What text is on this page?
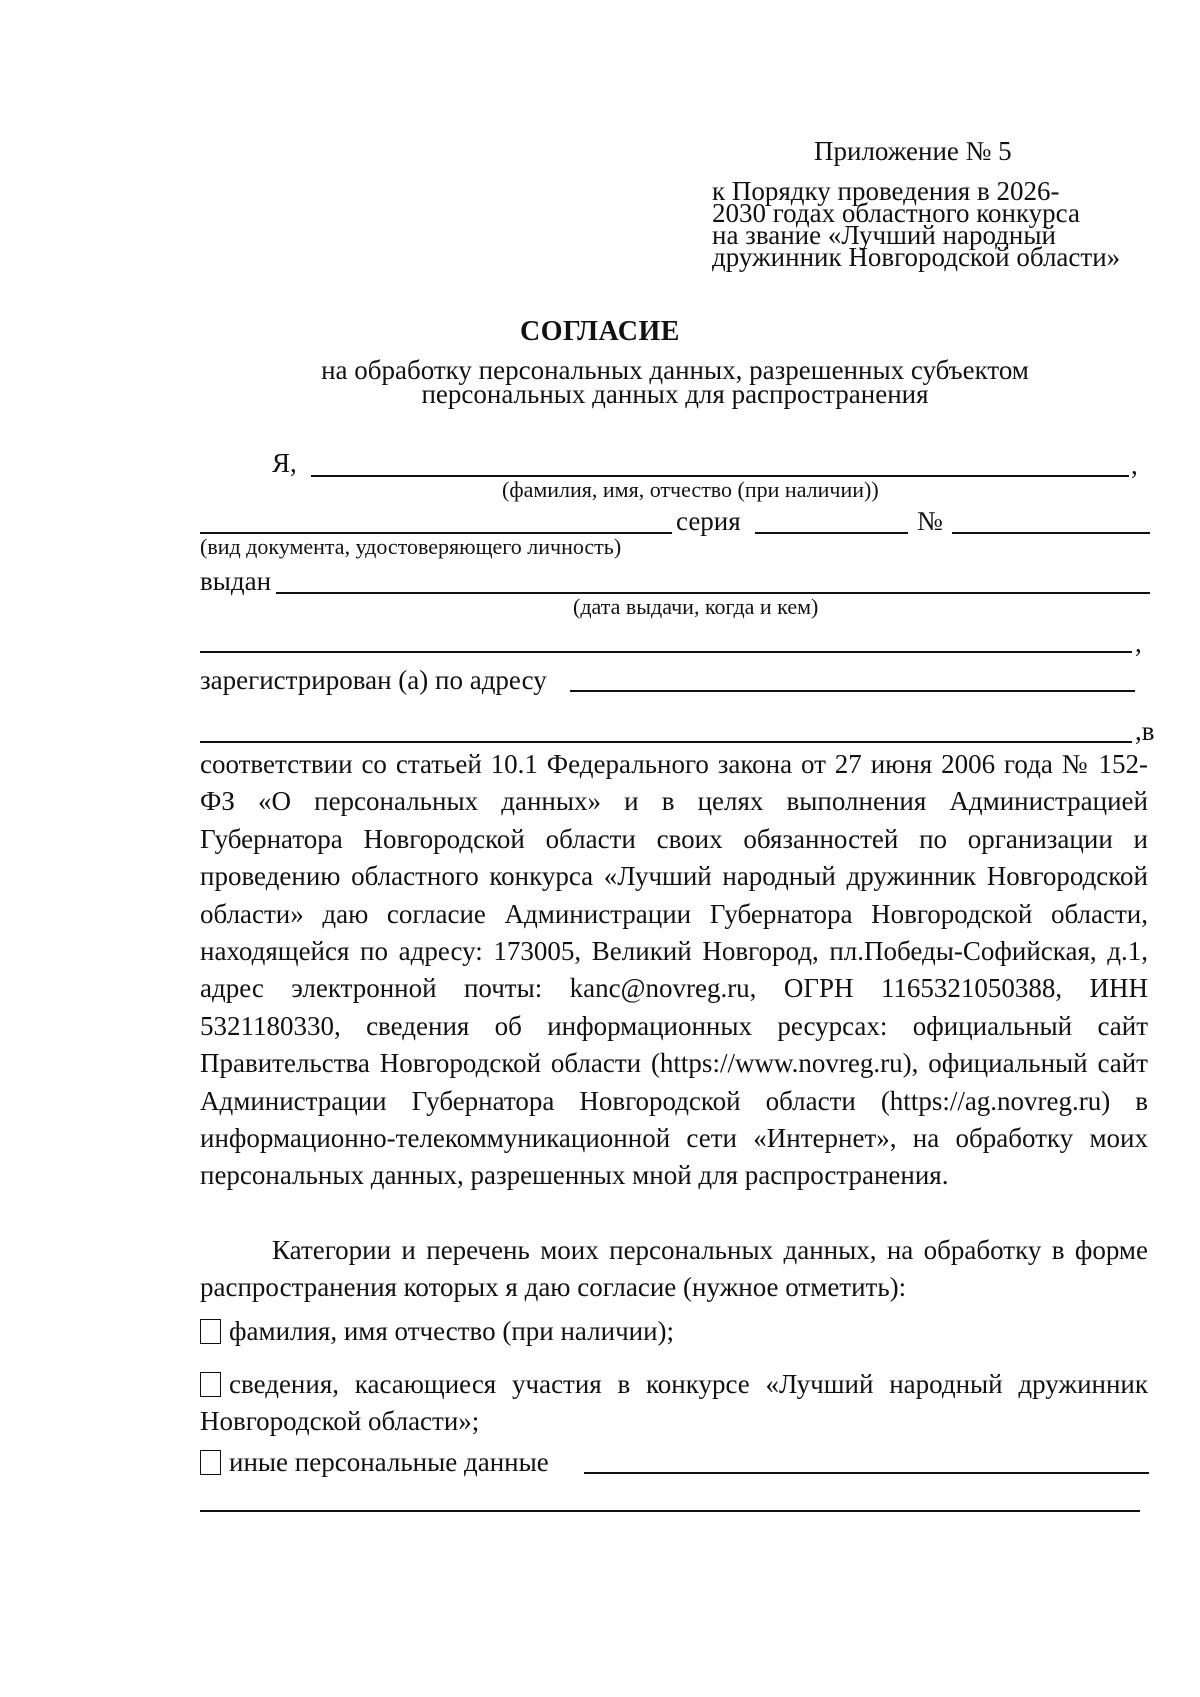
Приложение № 5
к Порядку проведения в 2026-
2030 годах областного конкурса
на звание «Лучший народный
дружинник Новгородской области»
СОГЛАСИЕ
на обработку персональных данных, разрешенных субъектом
персональных данных для распространения
Я,	,
(фамилия, имя, отчество (при наличии))
серия	№
(вид документа, удостоверяющего личность)
выдан
(дата выдачи, когда и кем)
,
зарегистрирован (а) по адресу
,в
соответствии со статьей 10.1 Федерального закона от 27 июня 2006 года № 152-ФЗ «О персональных данных» и в целях выполнения Администрацией Губернатора Новгородской области своих обязанностей по организации и проведению областного конкурса «Лучший народный дружинник Новгородской области» даю согласие Администрации Губернатора Новгородской области, находящейся по адресу: 173005, Великий Новгород, пл.Победы-Софийская, д.1, адрес электронной почты: kanc@novreg.ru, ОГРН 1165321050388, ИНН 5321180330, сведения об информационных ресурсах: официальный сайт Правительства Новгородской области (https://www.novreg.ru), официальный сайт Администрации Губернатора Новгородской области (https://ag.novreg.ru) в информационно-телекоммуникационной сети «Интернет», на обработку моих персональных данных, разрешенных мной для распространения.
Категории и перечень моих персональных данных, на обработку в форме распространения которых я даю согласие (нужное отметить):
фамилия, имя отчество (при наличии);
сведения, касающиеся участия в конкурсе «Лучший народный дружинник Новгородской области»;
иные персональные данные
